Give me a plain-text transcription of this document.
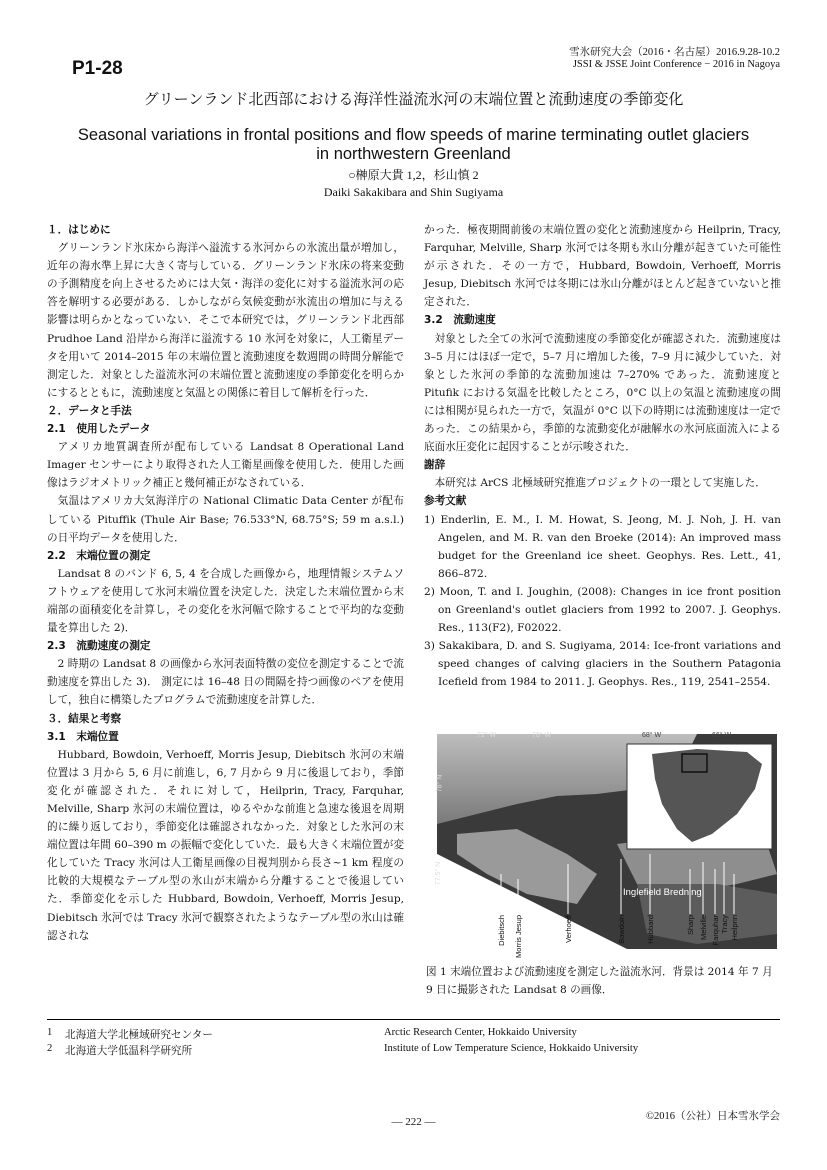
P1-28
雪氷研究大会（2016・名古屋）2016.9.28-10.2
JSSI & JSSE Joint Conference − 2016 in Nagoya
グリーンランド北西部における海洋性溢流氷河の末端位置と流動速度の季節変化
Seasonal variations in frontal positions and flow speeds of marine terminating outlet glaciers
in northwestern Greenland
○榊原大貴 1,2，杉山慎 2
Daiki Sakakibara and Shin Sugiyama

１．はじめに

グリーンランド氷床から海洋へ溢流する氷河からの氷流出量が増加し，近年の海水準上昇に大きく寄与している．グリーンランド氷床の将来変動の予測精度を向上させるためには大気・海洋の変化に対する溢流氷河の応答を解明する必要がある．しかしながら気候変動が氷流出の増加に与える影響は明らかとなっていない．そこで本研究では，グリーンランド北西部 Prudhoe Land 沿岸から海洋に溢流する 10 氷河を対象に，人工衛星データを用いて 2014–2015 年の末端位置と流動速度を数週間の時間分解能で測定した．対象とした溢流氷河の末端位置と流動速度の季節変化を明らかにするとともに，流動速度と気温との関係に着目して解析を行った．

２．データと手法

2.1　使用したデータ

アメリカ地質調査所が配布している Landsat 8 Operational Land Imager センサーにより取得された人工衛星画像を使用した．使用した画像はラジオメトリック補正と幾何補正がなされている．

気温はアメリカ大気海洋庁の National Climatic Data Center が配布している Pituffik (Thule Air Base; 76.533°N, 68.75°S; 59 m a.s.l.) の日平均データを使用した．

2.2　末端位置の測定

Landsat 8 のバンド 6, 5, 4 を合成した画像から，地理情報システムソフトウェアを使用して氷河末端位置を決定した．決定した末端位置から末端部の面積変化を計算し，その変化を氷河幅で除することで平均的な変動量を算出した 2)．

2.3　流動速度の測定

2 時期の Landsat 8 の画像から氷河表面特徴の変位を測定することで流動速度を算出した 3)． 測定には 16–48 日の間隔を持つ画像のペアを使用して，独自に構築したプログラムで流動速度を計算した．

３．結果と考察

3.1　末端位置

Hubbard, Bowdoin, Verhoeff, Morris Jesup, Diebitsch 氷河の末端位置は 3 月から 5, 6 月に前進し，6, 7 月から 9 月に後退しており，季節変化が確認された．それに対して，Heilprin, Tracy, Farquhar, Melville, Sharp 氷河の末端位置は，ゆるやかな前進と急速な後退を周期的に繰り返しており，季節変化は確認されなかった．対象とした氷河の末端位置は年間 60–390 m の振幅で変化していた．最も大きく末端位置が変化していた Tracy 氷河は人工衛星画像の目視判別から長さ~1 km 程度の比較的大規模なテーブル型の氷山が末端から分離することで後退していた．季節変化を示した Hubbard, Bowdoin, Verhoeff, Morris Jesup, Diebitsch 氷河では Tracy 氷河で観察されたようなテーブル型の氷山は確認されな

かった．極夜期間前後の末端位置の変化と流動速度から Heilprin, Tracy, Farquhar, Melville, Sharp 氷河では冬期も氷山分離が起きていた可能性が示された．その一方で，Hubbard, Bowdoin, Verhoeff, Morris Jesup, Diebitsch 氷河では冬期には氷山分離がほとんど起きていないと推定された．

3.2　流動速度

対象とした全ての氷河で流動速度の季節変化が確認された．流動速度は 3–5 月にはほぼ一定で，5–7 月に増加した後，7–9 月に減少していた．対象とした氷河の季節的な流動加速は 7–270% であった．流動速度と Pitufik における気温を比較したところ，0°C 以上の気温と流動速度の間には相関が見られた一方で，気温が 0°C 以下の時期には流動速度は一定であった．この結果から，季節的な流動変化が融解水の氷河底面流入による底面水圧変化に起因することが示唆された．

謝辞

本研究は ArCS 北極域研究推進プロジェクトの一環として実施した．

参考文献

1) Enderlin, E. M., I. M. Howat, S. Jeong, M. J. Noh, J. H. van Angelen, and M. R. van den Broeke (2014): An improved mass budget for the Greenland ice sheet. Geophys. Res. Lett., 41, 866–872.

2) Moon, T. and I. Joughin, (2008): Changes in ice front position on Greenland's outlet glaciers from 1992 to 2007. J. Geophys. Res., 113(F2), F02022.

3) Sakakibara, D. and S. Sugiyama, 2014: Ice-front variations and speed changes of calving glaciers in the Southern Patagonia Icefield from 1984 to 2011. J. Geophys. Res., 119, 2541–2554.

72° W	70° W	68° W	66° W
78° N
77.5° N
0	20 km
Inglefield Bredning
Diebitsch Morris Jesup	Verhoeff	Bowdoin	Hubbard	Sharp Melville Farquhar Tracy Heilprin
図 1 末端位置および流動速度を測定した溢流氷河．背景は 2014 年 7 月 9 日に撮影された Landsat 8 の画像．
1 北海道大学北極域研究センター	Arctic Research Center, Hokkaido University
2 北海道大学低温科学研究所	Institute of Low Temperature Science, Hokkaido University
©2016（公社）日本雪氷学会
— 222 —
